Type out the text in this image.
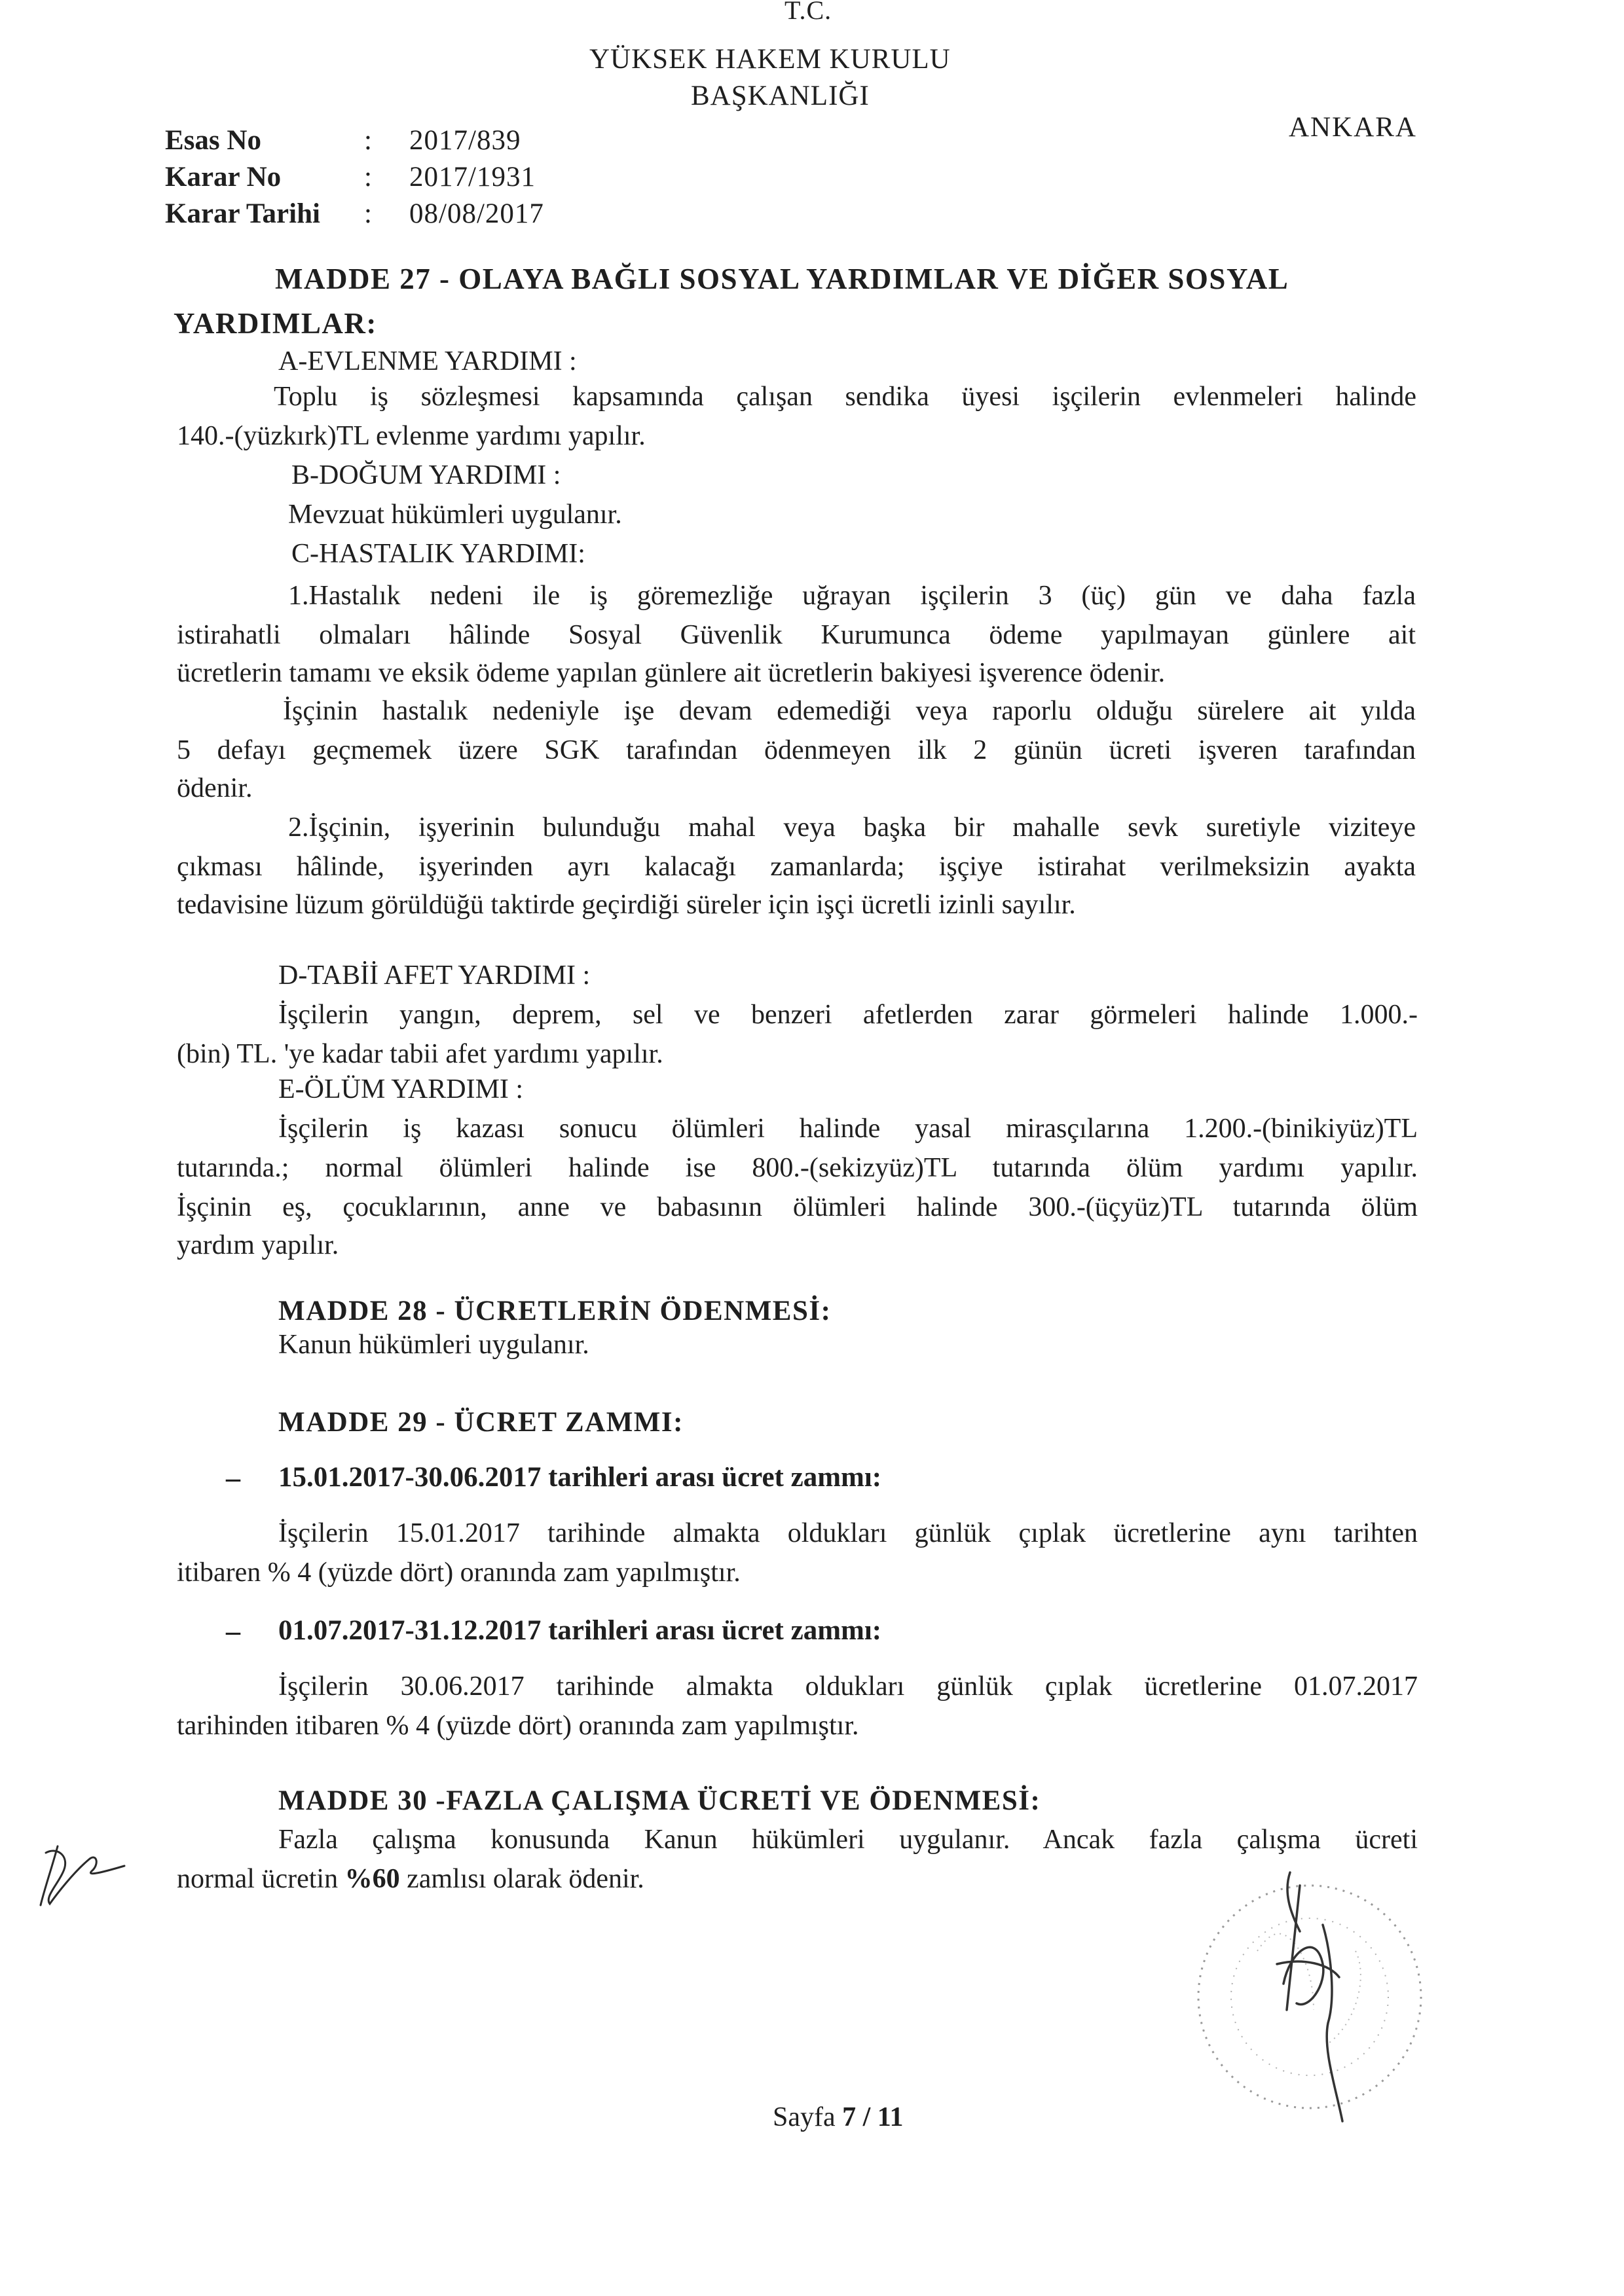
T.C.
YÜKSEK HAKEM KURULU
BAŞKANLIĞI
ANKARA
Esas No	: 2017/839
Karar No	: 2017/1931
Karar Tarihi : 08/08/2017
MADDE 27 - OLAYA BAĞLI SOSYAL YARDIMLAR VE DİĞER SOSYAL
YARDIMLAR:
A-EVLENME YARDIMI :
Toplu iş sözleşmesi kapsamında çalışan sendika üyesi işçilerin evlenmeleri halinde
140.-(yüzkırk)TL evlenme yardımı yapılır.
B-DOĞUM YARDIMI :
Mevzuat hükümleri uygulanır.
C-HASTALIK YARDIMI:
1.Hastalık nedeni ile iş göremezliğe uğrayan işçilerin 3 (üç) gün ve daha fazla
istirahatli olmaları hâlinde Sosyal Güvenlik Kurumunca ödeme yapılmayan günlere ait
ücretlerin tamamı ve eksik ödeme yapılan günlere ait ücretlerin bakiyesi işverence ödenir.
İşçinin hastalık nedeniyle işe devam edemediği veya raporlu olduğu sürelere ait yılda
5 defayı geçmemek üzere SGK tarafından ödenmeyen ilk 2 günün ücreti işveren tarafından
ödenir.
2.İşçinin, işyerinin bulunduğu mahal veya başka bir mahalle sevk suretiyle viziteye
çıkması hâlinde, işyerinden ayrı kalacağı zamanlarda; işçiye istirahat verilmeksizin ayakta
tedavisine lüzum görüldüğü taktirde geçirdiği süreler için işçi ücretli izinli sayılır.
D-TABİİ AFET YARDIMI :
İşçilerin yangın, deprem, sel ve benzeri afetlerden zarar görmeleri halinde 1.000.-
(bin) TL. 'ye kadar tabii afet yardımı yapılır.
E-ÖLÜM YARDIMI :
İşçilerin iş kazası sonucu ölümleri halinde yasal mirasçılarına 1.200.-(binikiyüz)TL
tutarında.; normal ölümleri halinde ise 800.-(sekizyüz)TL tutarında ölüm yardımı yapılır.
İşçinin eş, çocuklarının, anne ve babasının ölümleri halinde 300.-(üçyüz)TL tutarında ölüm
yardım yapılır.
MADDE 28 - ÜCRETLERİN ÖDENMESİ:
Kanun hükümleri uygulanır.
MADDE 29 - ÜCRET ZAMMI:
– 15.01.2017-30.06.2017 tarihleri arası ücret zammı:
İşçilerin 15.01.2017 tarihinde almakta oldukları günlük çıplak ücretlerine aynı tarihten
itibaren % 4 (yüzde dört) oranında zam yapılmıştır.
– 01.07.2017-31.12.2017 tarihleri arası ücret zammı:
İşçilerin 30.06.2017 tarihinde almakta oldukları günlük çıplak ücretlerine 01.07.2017
tarihinden itibaren % 4 (yüzde dört) oranında zam yapılmıştır.
MADDE 30 -FAZLA ÇALIŞMA ÜCRETİ VE ÖDENMESİ:
Fazla çalışma konusunda Kanun hükümleri uygulanır. Ancak fazla çalışma ücreti
normal ücretin %60 zamlısı olarak ödenir.
Sayfa 7 / 11
